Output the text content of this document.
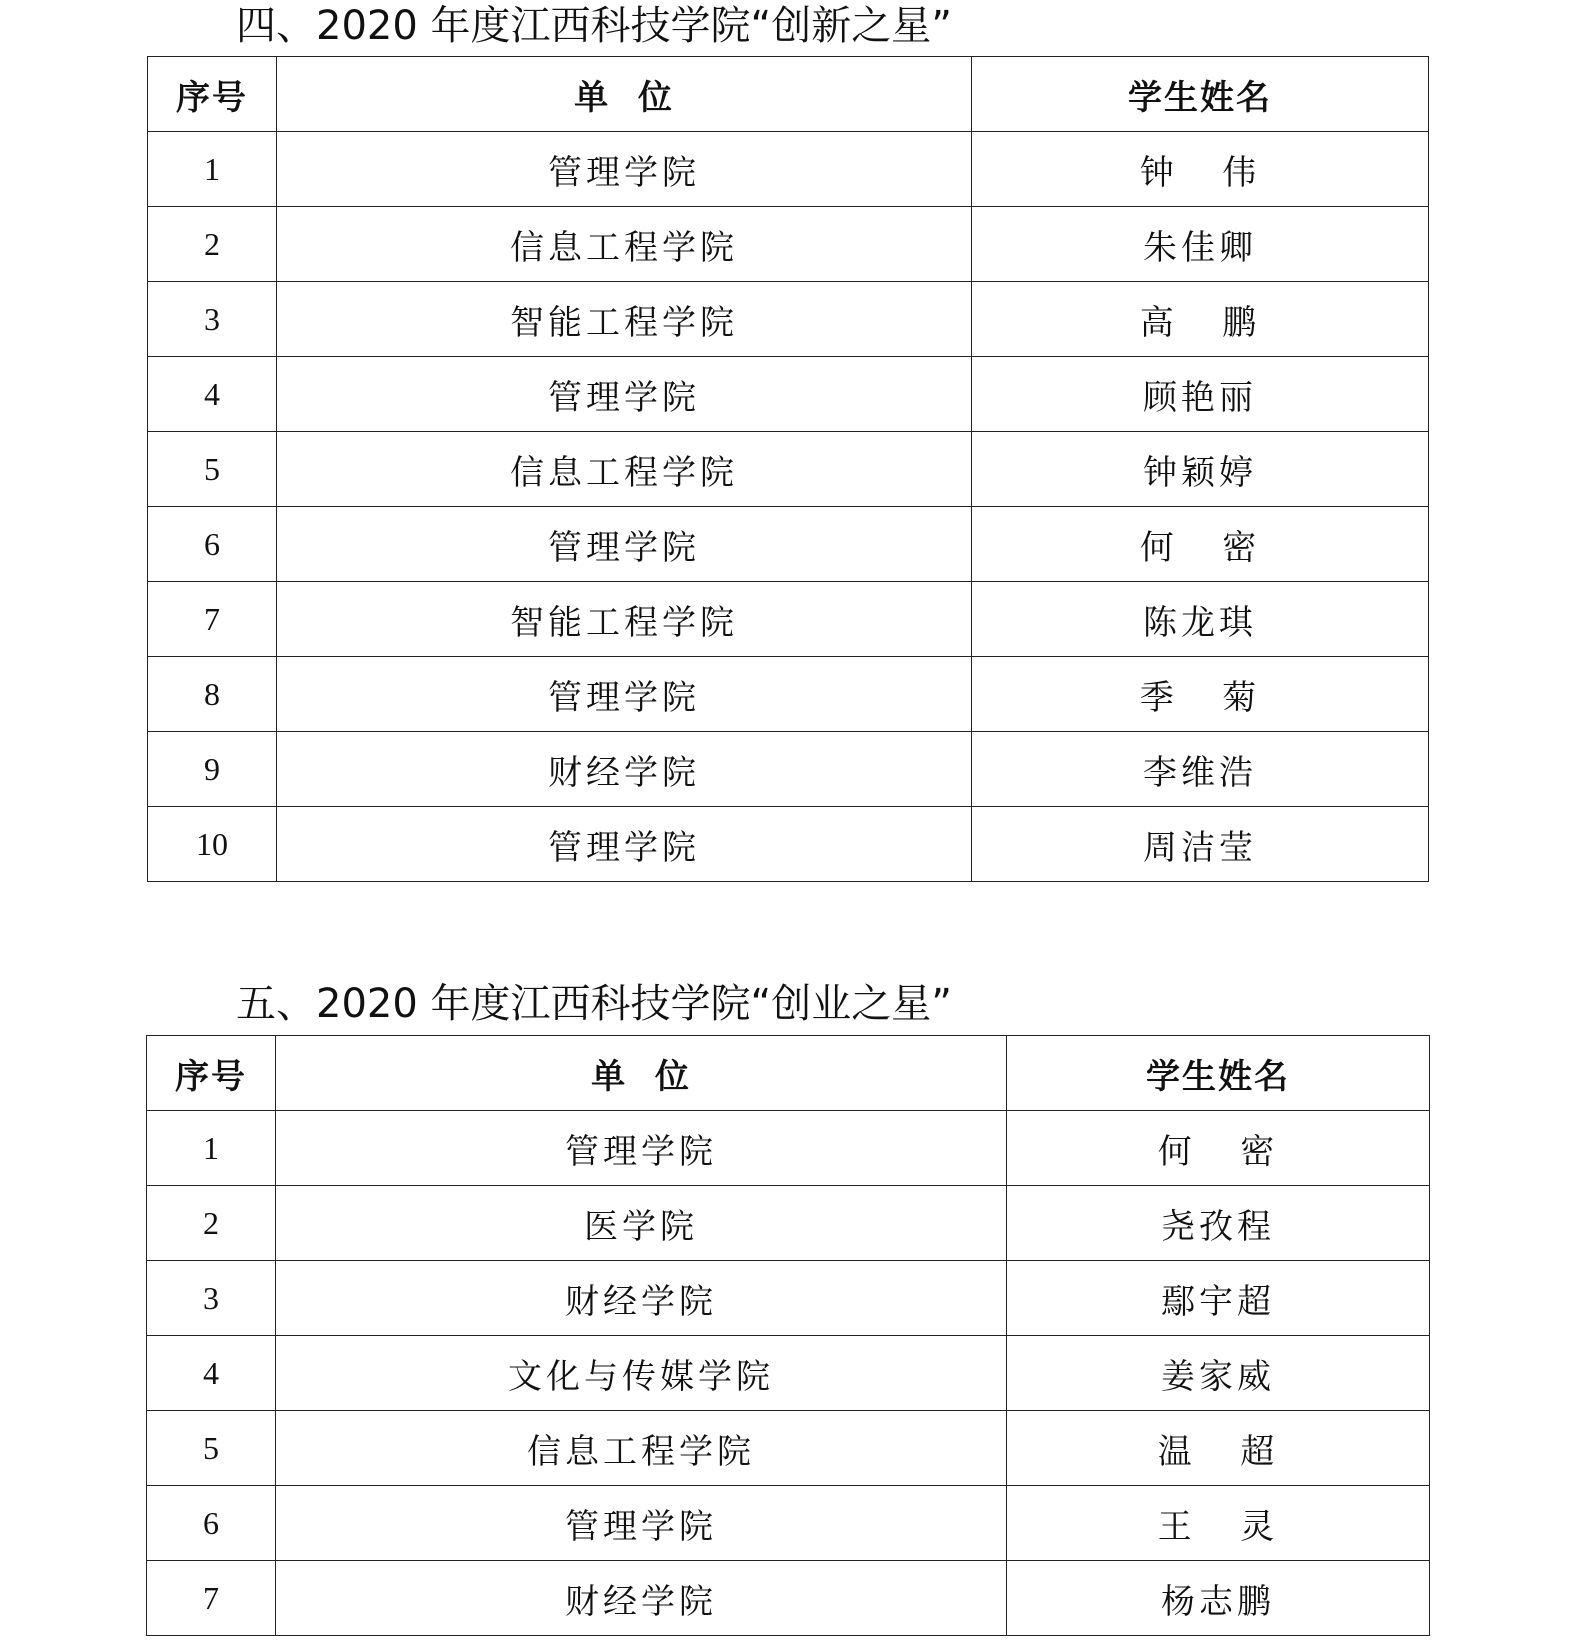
四、2020 年度江西科技学院“创新之星”
序号	单  位	学生姓名
1	管理学院	钟   伟
2	信息工程学院	朱佳卿
3	智能工程学院	高   鹏
4	管理学院	顾艳丽
5	信息工程学院	钟颖婷
6	管理学院	何   密
7	智能工程学院	陈龙琪
8	管理学院	季   菊
9	财经学院	李维浩
10	管理学院	周洁莹
五、2020 年度江西科技学院“创业之星”
序号	单  位	学生姓名
1	管理学院	何   密
2	医学院	尧孜程
3	财经学院	鄢宇超
4	文化与传媒学院	姜家威
5	信息工程学院	温   超
6	管理学院	王   灵
7	财经学院	杨志鹏
